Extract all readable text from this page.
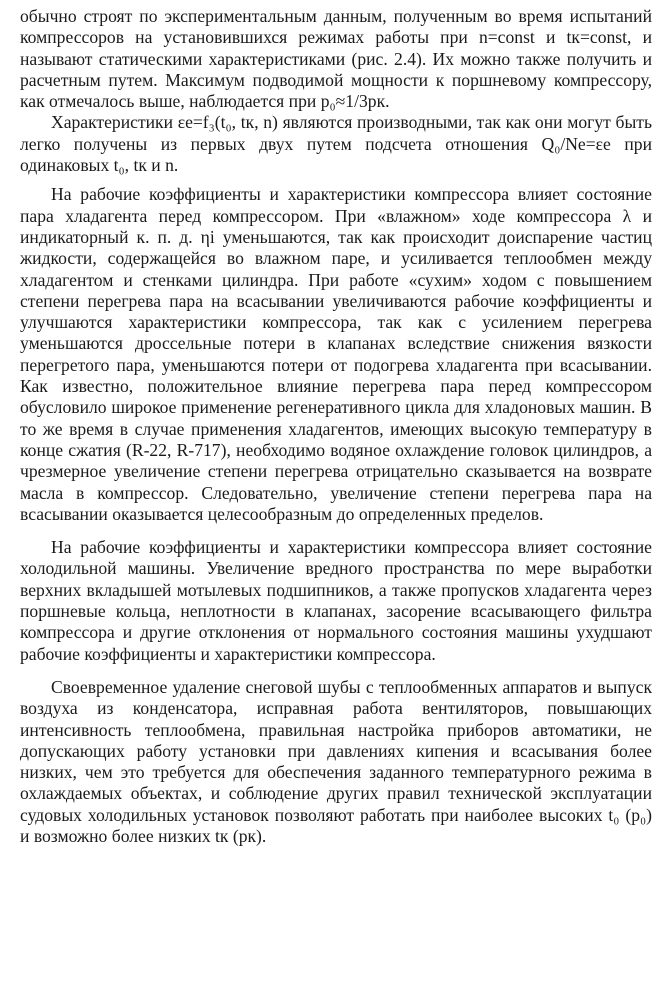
обычно строят по экспериментальным данным, полученным во время испытаний компрессоров на установившихся режимах работы при n=const и tк=const, и называют статическими характеристиками (рис. 2.4). Их можно также получить и расчетным путем. Максимум подводимой мощности к поршневому компрессору, как отмечалось выше, наблюдается при p₀≈1/3pк.

Характеристики εe=f₃(t₀, tк, n) являются производными, так как они могут быть легко получены из первых двух путем подсчета отношения Q₀/Ne=εe при одинаковых t₀, tк и n.

На рабочие коэффициенты и характеристики компрессора влияет состояние пара хладагента перед компрессором. При «влажном» ходе компрессора λ и индикаторный к. п. д. ηi уменьшаются, так как происходит доиспарение частиц жидкости, содержащейся во влажном паре, и усиливается теплообмен между хладагентом и стенками цилиндра. При работе «сухим» ходом с повышением степени перегрева пара на всасывании увеличиваются рабочие коэффициенты и улучшаются характеристики компрессора, так как с усилением перегрева уменьшаются дроссельные потери в клапанах вследствие снижения вязкости перегретого пара, уменьшаются потери от подогрева хладагента при всасывании. Как известно, положительное влияние перегрева пара перед компрессором обусловило широкое применение регенеративного цикла для хладоновых машин. В то же время в случае применения хладагентов, имеющих высокую температуру в конце сжатия (R-22, R-717), необходимо водяное охлаждение головок цилиндров, а чрезмерное увеличение степени перегрева отрицательно сказывается на возврате масла в компрессор. Следовательно, увеличение степени перегрева пара на всасывании оказывается целесообразным до определенных пределов.

На рабочие коэффициенты и характеристики компрессора влияет состояние холодильной машины. Увеличение вредного пространства по мере выработки верхних вкладышей мотылевых подшипников, а также пропусков хладагента через поршневые кольца, неплотности в клапанах, засорение всасывающего фильтра компрессора и другие отклонения от нормального состояния машины ухудшают рабочие коэффициенты и характеристики компрессора.

Своевременное удаление снеговой шубы с теплообменных аппаратов и выпуск воздуха из конденсатора, исправная работа вентиляторов, повышающих интенсивность теплообмена, правильная настройка приборов автоматики, не допускающих работу установки при давлениях кипения и всасывания более низких, чем это требуется для обеспечения заданного температурного режима в охлаждаемых объектах, и соблюдение других правил технической эксплуатации судовых холодильных установок позволяют работать при наиболее высоких t₀ (p₀) и возможно более низких tк (pк).
